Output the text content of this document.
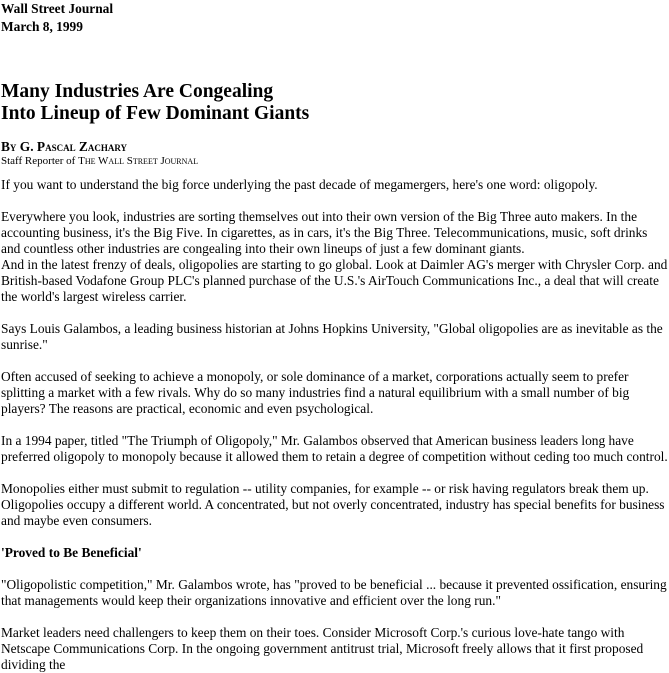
Wall Street Journal

March 8, 1999

Many Industries Are Congealing
Into Lineup of Few Dominant Giants

By G. Pascal Zachary

Staff Reporter of The Wall Street Journal

If you want to understand the big force underlying the past decade of megamergers, here's one word: oligopoly.

Everywhere you look, industries are sorting themselves out into their own version of the Big Three auto makers. In the accounting business, it's the Big Five. In cigarettes, as in cars, it's the Big Three. Telecommunications, music, soft drinks and countless other industries are congealing into their own lineups of just a few dominant giants.

And in the latest frenzy of deals, oligopolies are starting to go global. Look at Daimler AG's merger with Chrysler Corp. and British-based Vodafone Group PLC's planned purchase of the U.S.'s AirTouch Communications Inc., a deal that will create the world's largest wireless carrier.

Says Louis Galambos, a leading business historian at Johns Hopkins University, "Global oligopolies are as inevitable as the sunrise."

Often accused of seeking to achieve a monopoly, or sole dominance of a market, corporations actually seem to prefer splitting a market with a few rivals. Why do so many industries find a natural equilibrium with a small number of big players? The reasons are practical, economic and even psychological.

In a 1994 paper, titled "The Triumph of Oligopoly," Mr. Galambos observed that American business leaders long have preferred oligopoly to monopoly because it allowed them to retain a degree of competition without ceding too much control.

Monopolies either must submit to regulation -- utility companies, for example -- or risk having regulators break them up. Oligopolies occupy a different world. A concentrated, but not overly concentrated, industry has special benefits for business and maybe even consumers.

'Proved to Be Beneficial'

"Oligopolistic competition," Mr. Galambos wrote, has "proved to be beneficial ... because it prevented ossification, ensuring that managements would keep their organizations innovative and efficient over the long run."

Market leaders need challengers to keep them on their toes. Consider Microsoft Corp.'s curious love-hate tango with Netscape Communications Corp. In the ongoing government antitrust trial, Microsoft freely allows that it first proposed dividing the
